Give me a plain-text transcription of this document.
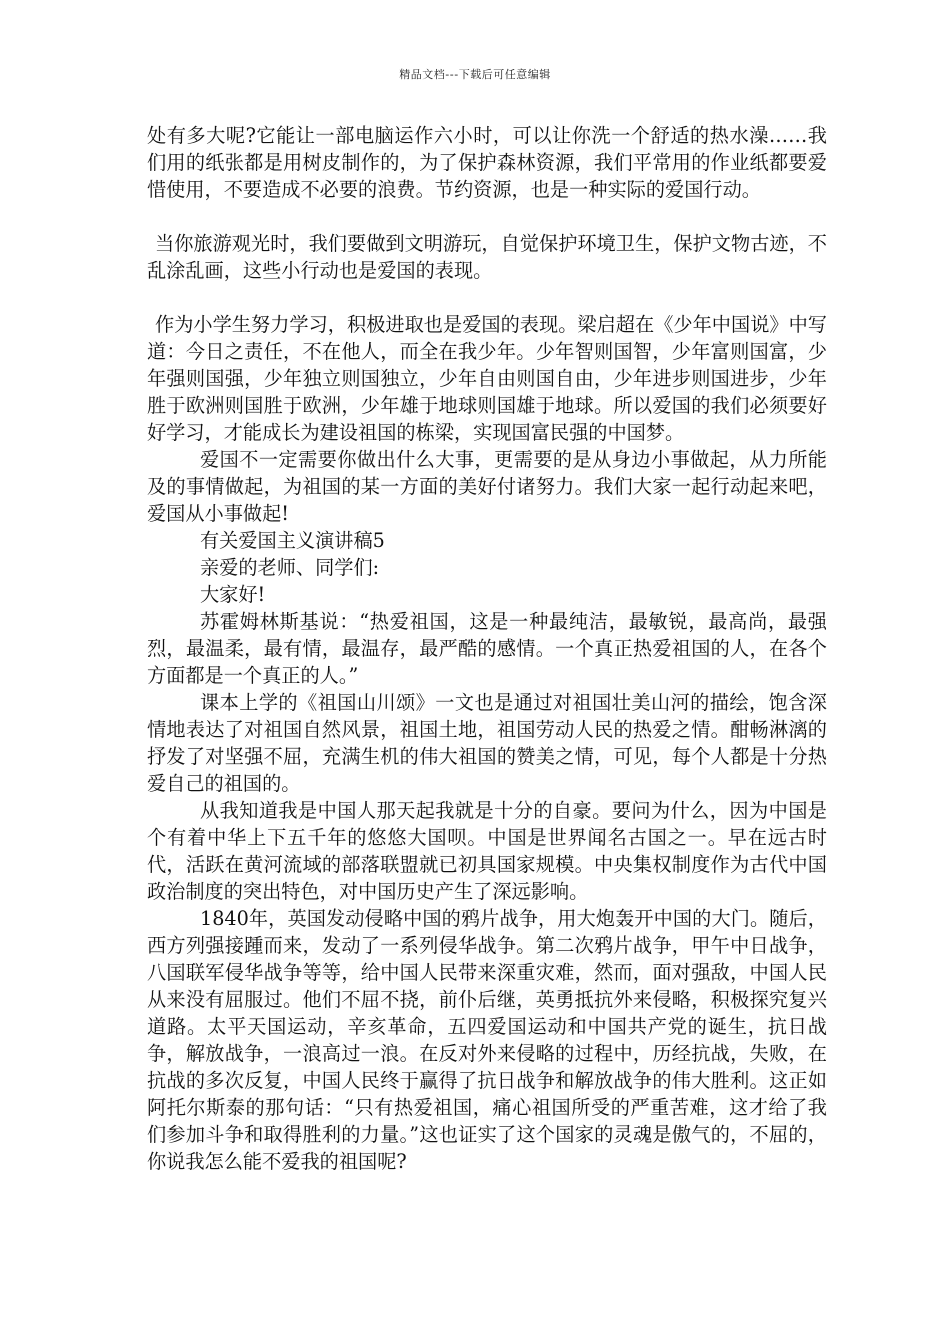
精品文档---下载后可任意编辑

处有多大呢?它能让一部电脑运作六小时，可以让你洗一个舒适的热水澡……我们用的纸张都是用树皮制作的，为了保护森林资源，我们平常用的作业纸都要爱惜使用，不要造成不必要的浪费。节约资源，也是一种实际的爱国行动。

当你旅游观光时，我们要做到文明游玩，自觉保护环境卫生，保护文物古迹，不乱涂乱画，这些小行动也是爱国的表现。

作为小学生努力学习，积极进取也是爱国的表现。梁启超在《少年中国说》中写道：今日之责任，不在他人，而全在我少年。少年智则国智，少年富则国富，少年强则国强，少年独立则国独立，少年自由则国自由，少年进步则国进步，少年胜于欧洲则国胜于欧洲，少年雄于地球则国雄于地球。所以爱国的我们必须要好好学习，才能成长为建设祖国的栋梁，实现国富民强的中国梦。

爱国不一定需要你做出什么大事，更需要的是从身边小事做起，从力所能及的事情做起，为祖国的某一方面的美好付诸努力。我们大家一起行动起来吧，爱国从小事做起!

有关爱国主义演讲稿5

亲爱的老师、同学们:

大家好!

苏霍姆林斯基说：“热爱祖国，这是一种最纯洁，最敏锐，最高尚，最强烈，最温柔，最有情，最温存，最严酷的感情。一个真正热爱祖国的人，在各个方面都是一个真正的人。”

课本上学的《祖国山川颂》一文也是通过对祖国壮美山河的描绘，饱含深情地表达了对祖国自然风景，祖国土地，祖国劳动人民的热爱之情。酣畅淋漓的抒发了对坚强不屈，充满生机的伟大祖国的赞美之情，可见，每个人都是十分热爱自己的祖国的。

从我知道我是中国人那天起我就是十分的自豪。要问为什么，因为中国是个有着中华上下五千年的悠悠大国呗。中国是世界闻名古国之一。早在远古时代，活跃在黄河流域的部落联盟就已初具国家规模。中央集权制度作为古代中国政治制度的突出特色，对中国历史产生了深远影响。

1840年，英国发动侵略中国的鸦片战争，用大炮轰开中国的大门。随后，西方列强接踵而来，发动了一系列侵华战争。第二次鸦片战争，甲午中日战争，八国联军侵华战争等等，给中国人民带来深重灾难，然而，面对强敌，中国人民从来没有屈服过。他们不屈不挠，前仆后继，英勇抵抗外来侵略，积极探究复兴道路。太平天国运动，辛亥革命，五四爱国运动和中国共产党的诞生，抗日战争，解放战争，一浪高过一浪。在反对外来侵略的过程中，历经抗战，失败，在抗战的多次反复，中国人民终于赢得了抗日战争和解放战争的伟大胜利。这正如阿托尔斯泰的那句话：“只有热爱祖国，痛心祖国所受的严重苦难，这才给了我们参加斗争和取得胜利的力量。”这也证实了这个国家的灵魂是傲气的，不屈的，你说我怎么能不爱我的祖国呢?
